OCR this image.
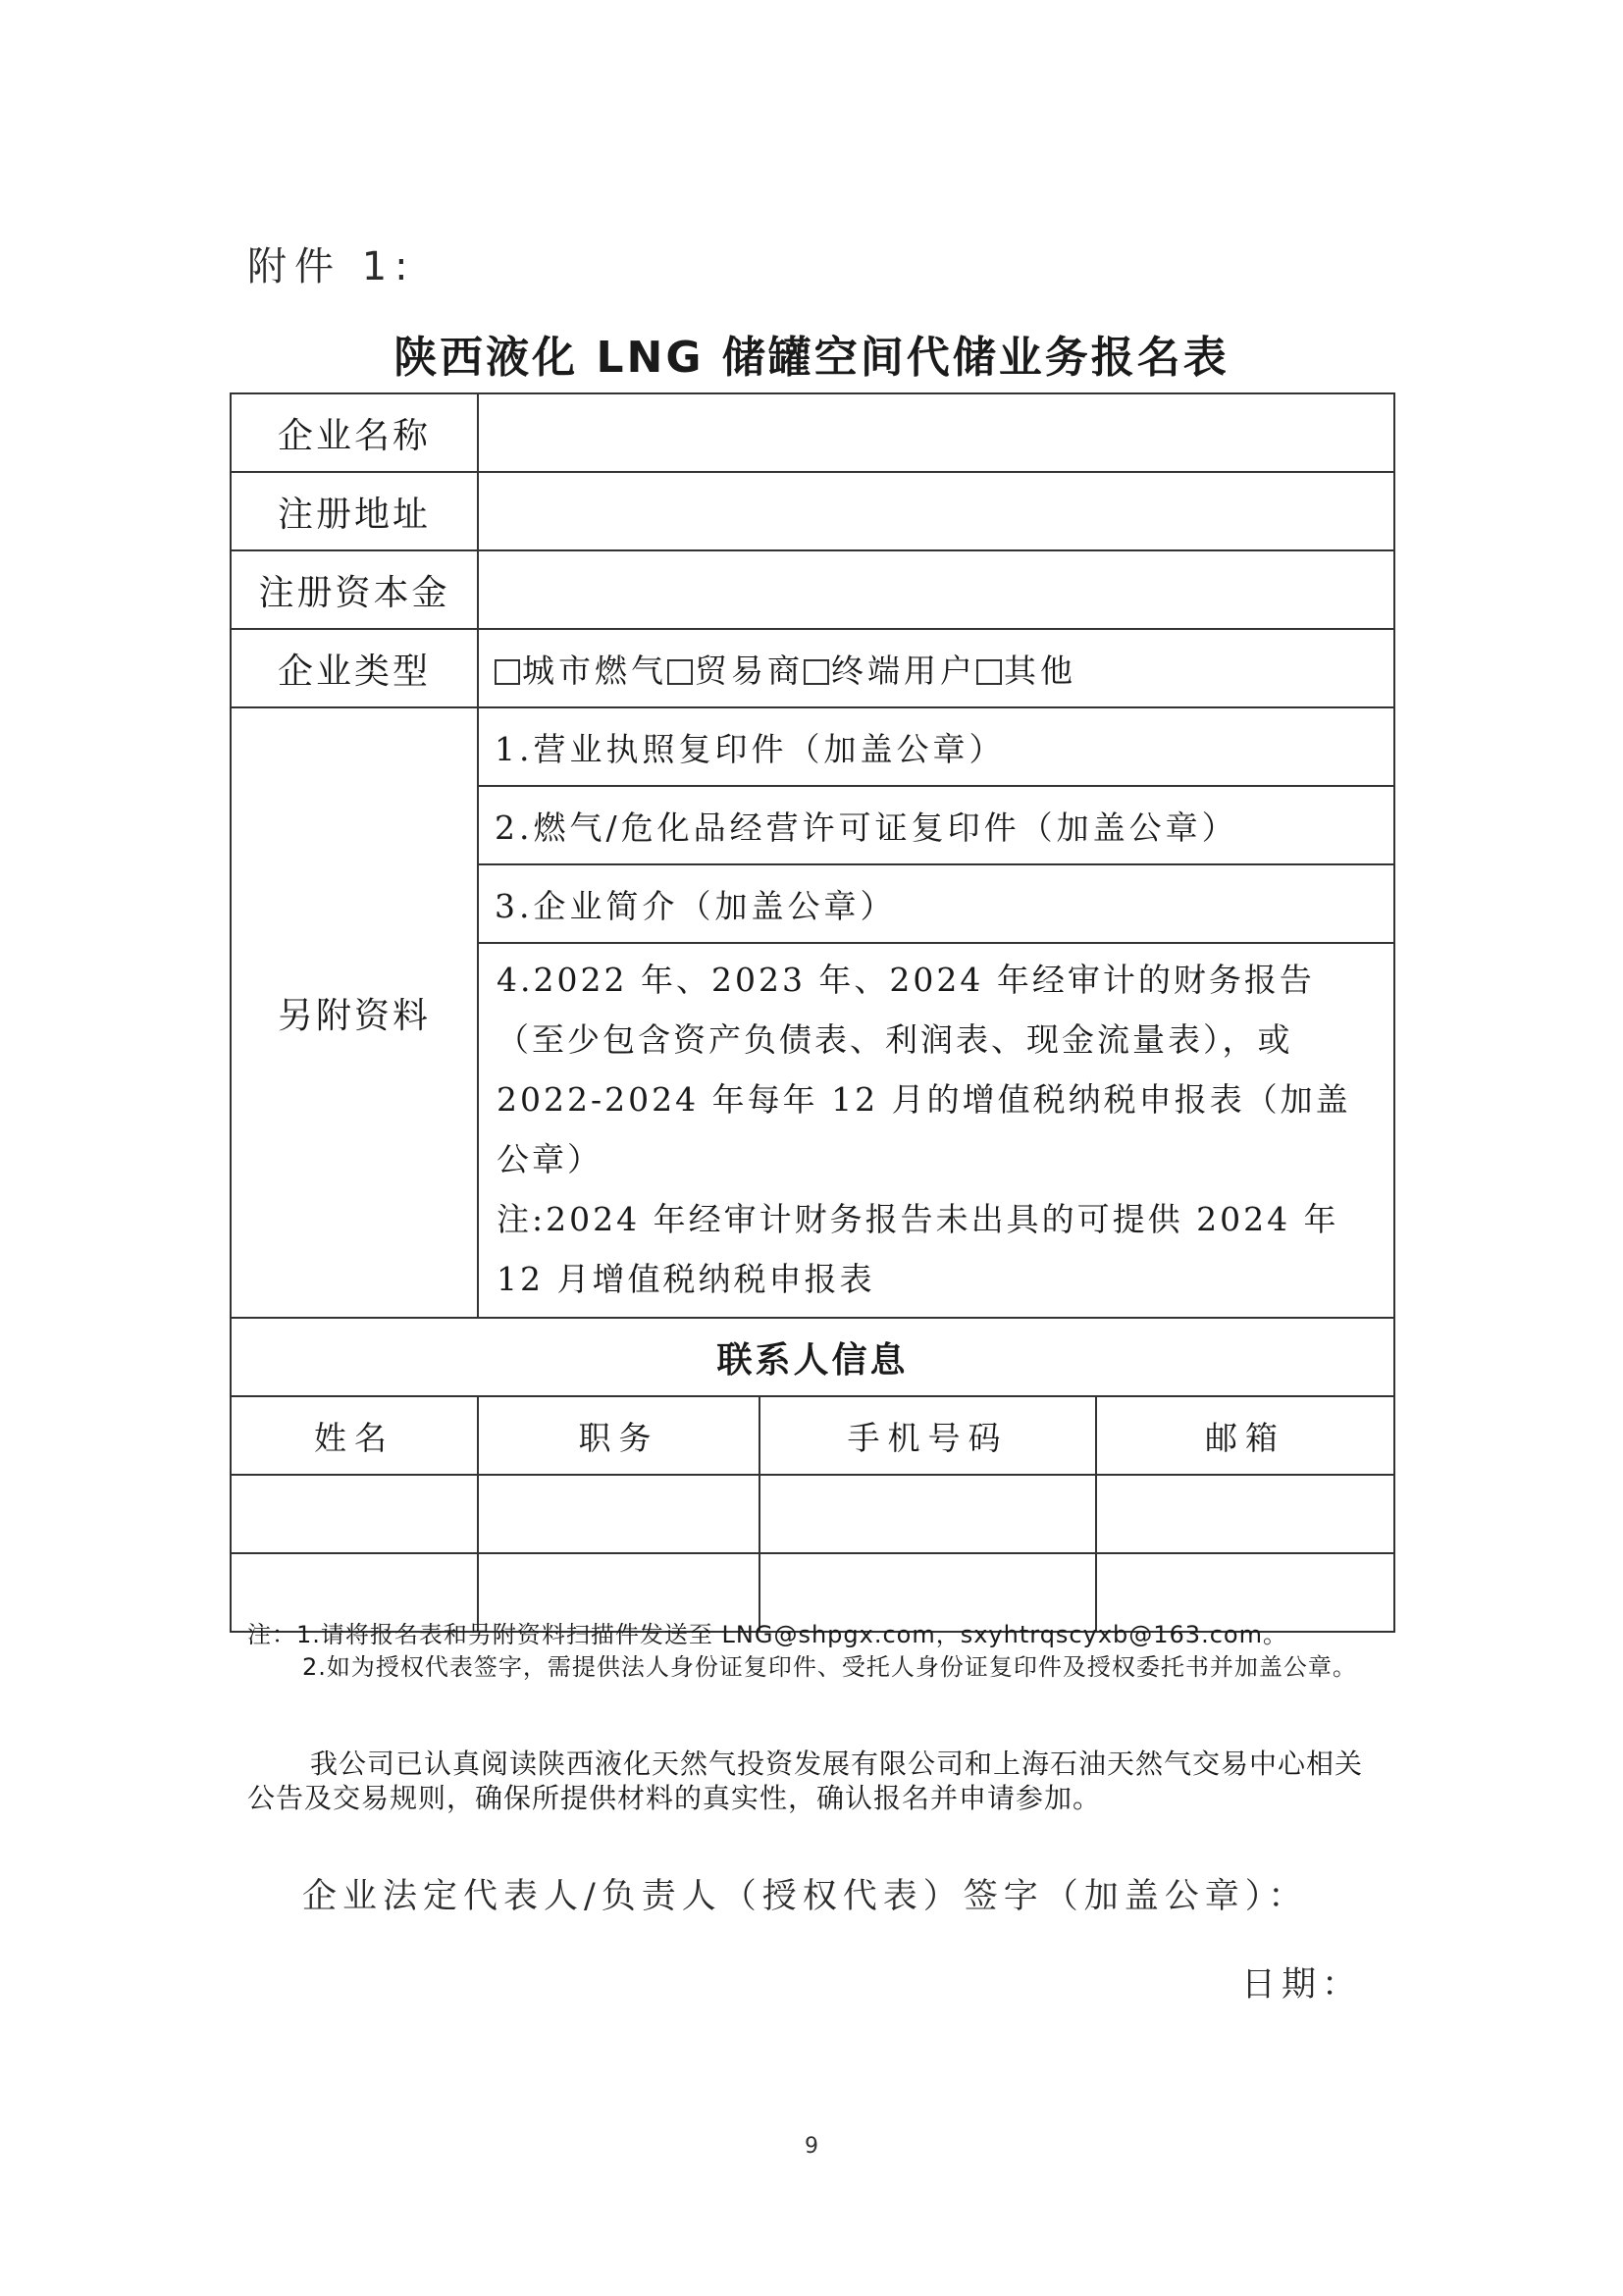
附件 1:
陕西液化 LNG 储罐空间代储业务报名表
企业名称			
注册地址			
注册资本金			
企业类型	城市燃气 贸易商 终端用户 其他		
另附资料	1.营业执照复印件（加盖公章）		
	2.燃气/危化品经营许可证复印件（加盖公章）		
	3.企业简介（加盖公章）		

	4.2022 年、2023 年、2024 年经审计的财务报告（至少包含资产负债表、利润表、现金流量表），或 2022-2024 年每年 12 月的增值税纳税申报表（加盖公章）
注:2024 年经审计财务报告未出具的可提供 2024 年 12 月增值税纳税申报表		

联系人信息			
姓名	职务	手机号码	邮箱

注：1.请将报名表和另附资料扫描件发送至 LNG@shpgx.com，sxyhtrqscyxb@163.com。
2.如为授权代表签字，需提供法人身份证复印件、受托人身份证复印件及授权委托书并加盖公章。
我公司已认真阅读陕西液化天然气投资发展有限公司和上海石油天然气交易中心相关公告及交易规则，确保所提供材料的真实性，确认报名并申请参加。
企业法定代表人/负责人（授权代表）签字（加盖公章）：
日期：
9
